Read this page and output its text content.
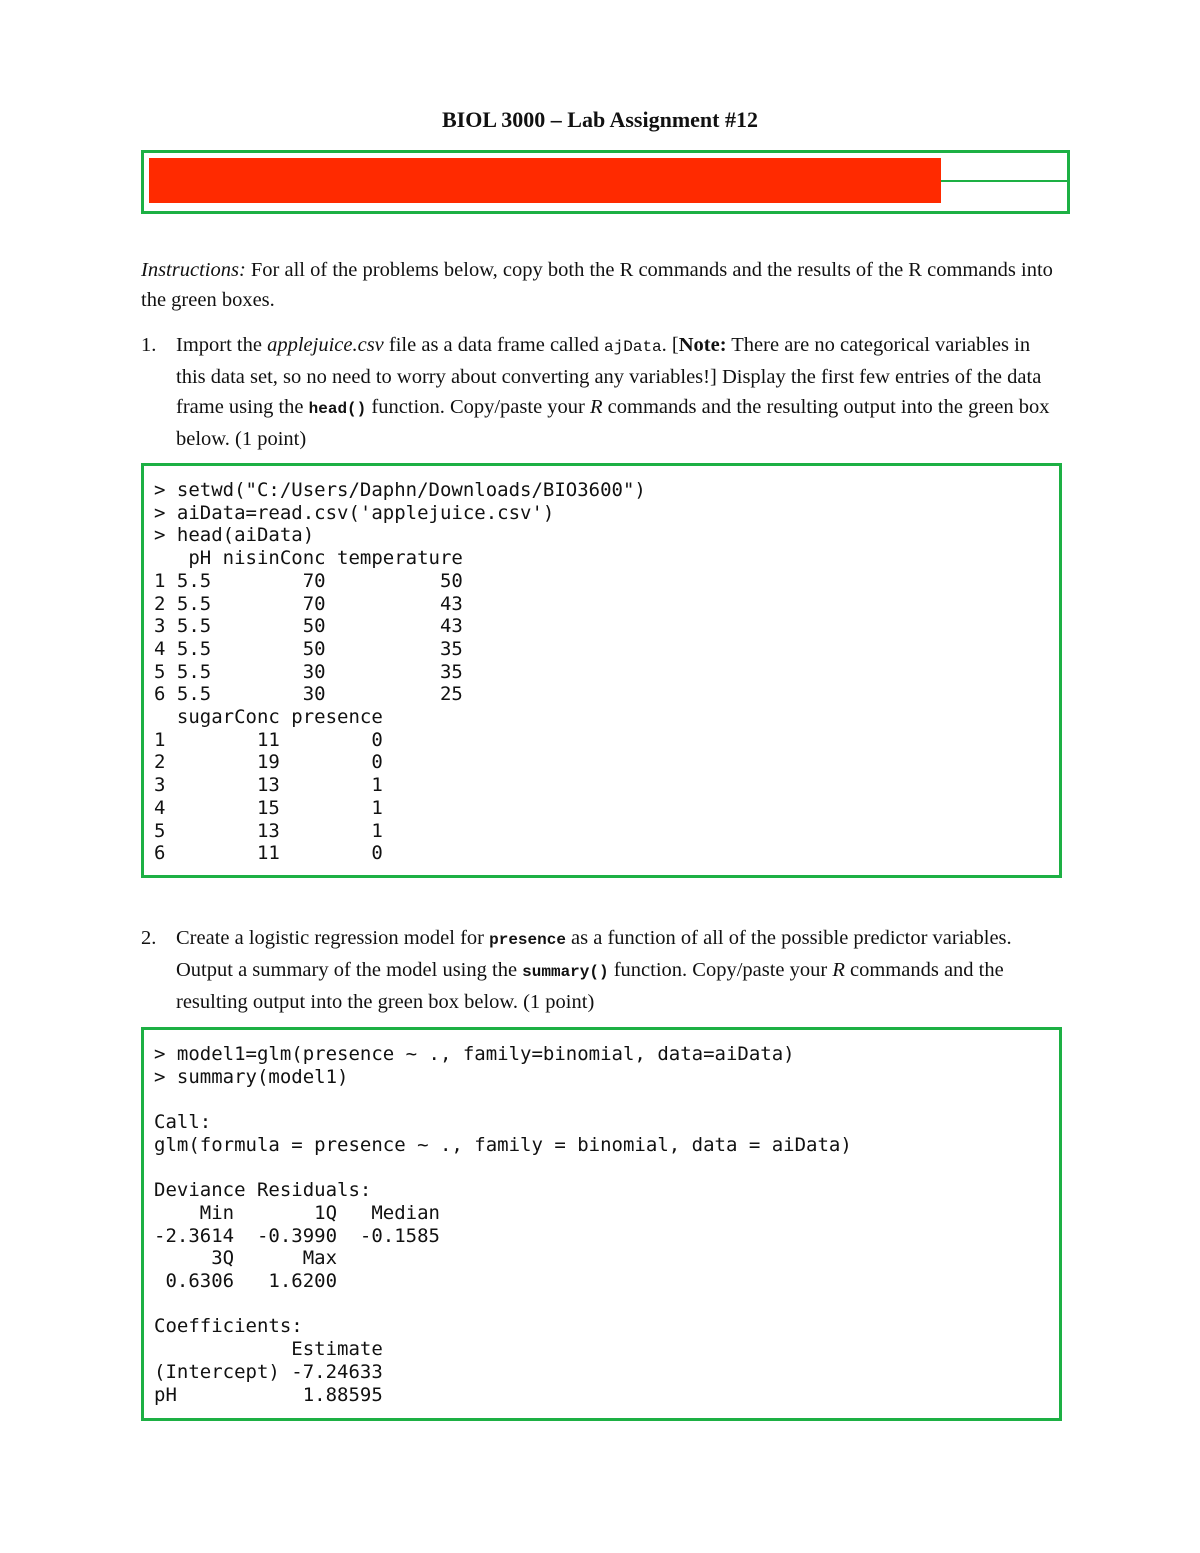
BIOL 3000 – Lab Assignment #12
Instructions: For all of the problems below, copy both the R commands and the results of the R commands into the green boxes.
1. Import the applejuice.csv file as a data frame called ajData. [Note: There are no categorical variables in this data set, so no need to worry about converting any variables!] Display the first few entries of the data frame using the head() function. Copy/paste your R commands and the resulting output into the green box below. (1 point)
> setwd("C:/Users/Daphn/Downloads/BIO3600")
> aiData=read.csv('applejuice.csv')
> head(aiData)
pH nisinConc temperature
1 5.5        70          50
2 5.5        70          43
3 5.5        50          43
4 5.5        50          35
5 5.5        30          35
6 5.5        30          25
sugarConc presence
1        11        0
2        19        0
3        13        1
4        15        1
5        13        1
6        11        0
2. Create a logistic regression model for presence as a function of all of the possible predictor variables. Output a summary of the model using the summary() function. Copy/paste your R commands and the resulting output into the green box below. (1 point)
> model1=glm(presence ~ ., family=binomial, data=aiData)
> summary(model1)

Call:
glm(formula = presence ~ ., family = binomial, data = aiData)

Deviance Residuals:
Min       1Q   Median
-2.3614  -0.3990  -0.1585
3Q      Max
0.6306   1.6200

Coefficients:
Estimate
(Intercept) -7.24633
pH           1.88595
